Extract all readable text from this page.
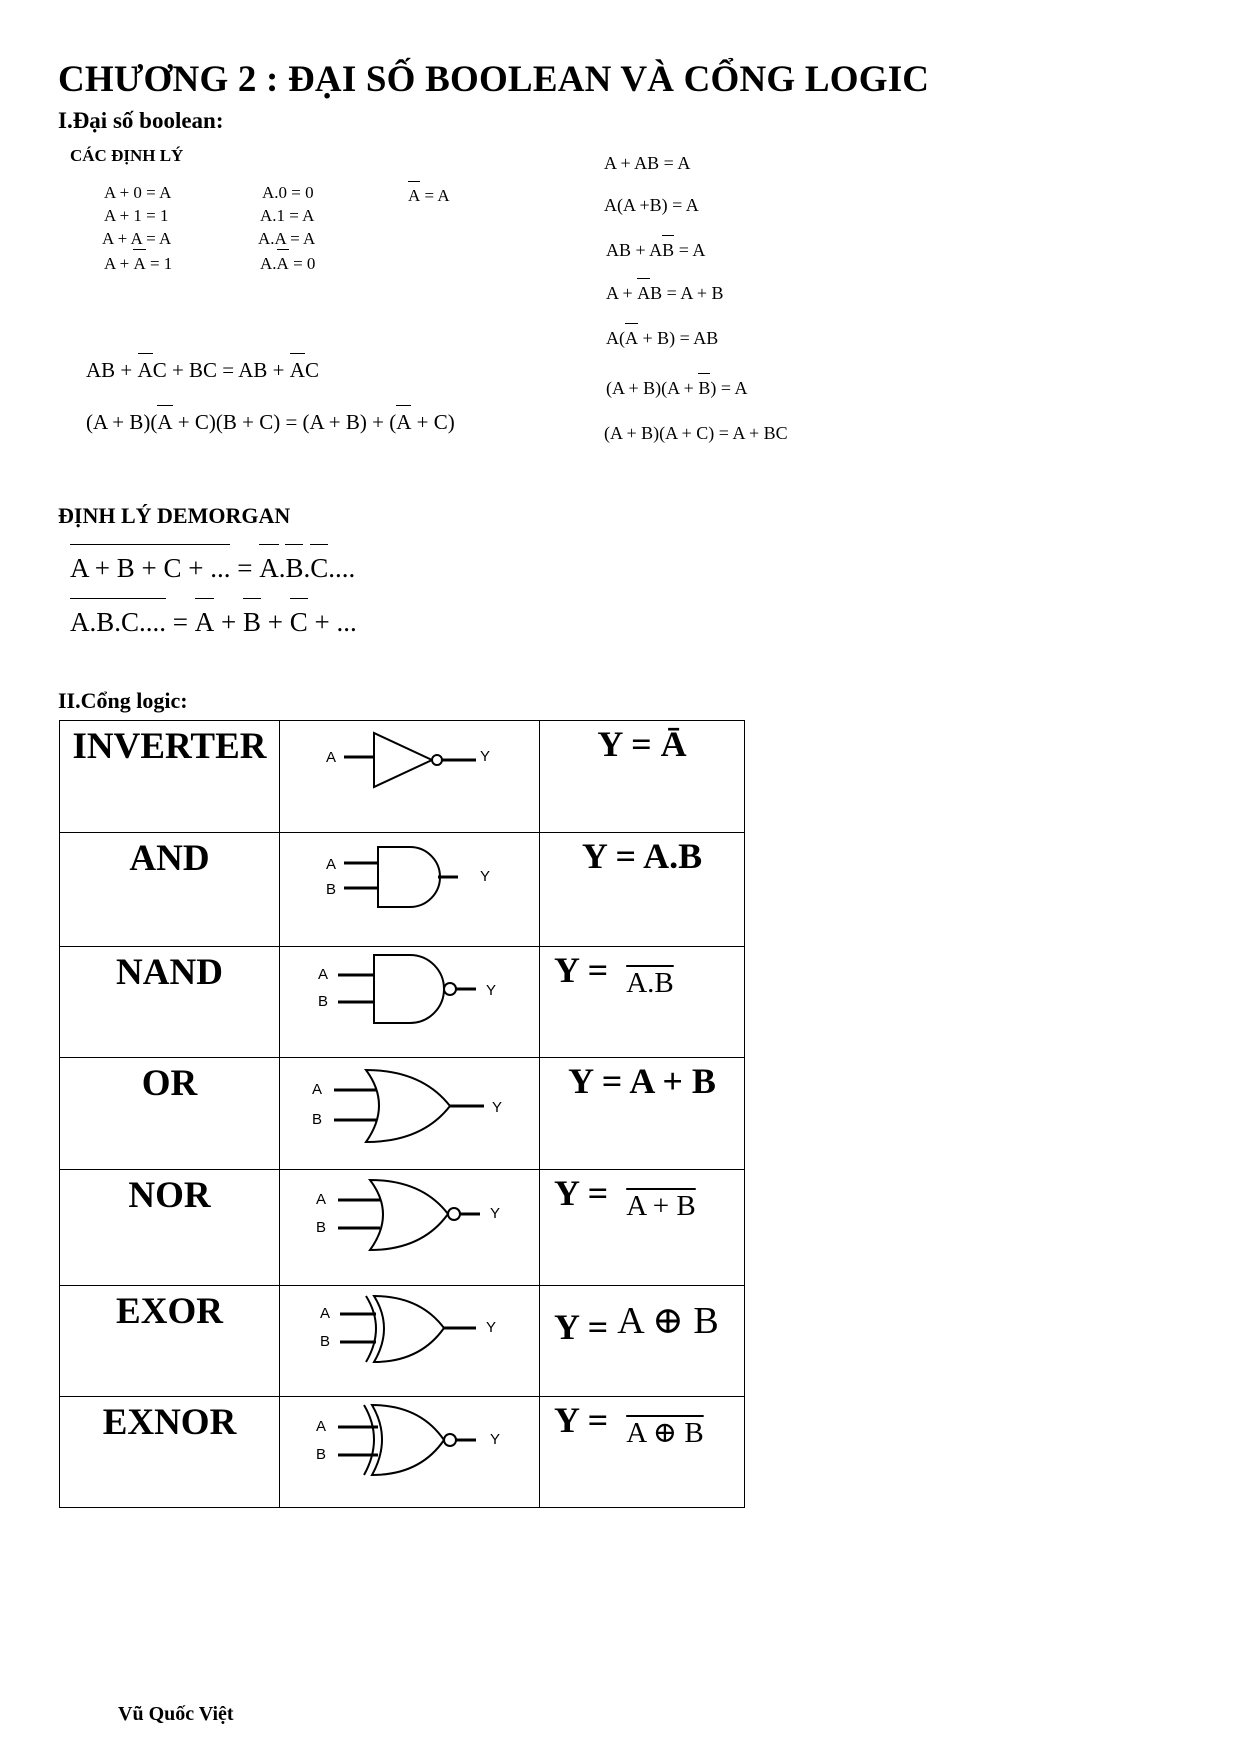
CHƯƠNG 2 : ĐẠI SỐ BOOLEAN VÀ CỔNG LOGIC
I.Đại số boolean:
CÁC ĐỊNH LÝ
A + 0 = A
A + 1 = 1
A + A = A
A + A = 1
A.0 = 0
A.1 = A
A.A = A
A.A = 0
A = A
A + AB = A
A(A +B) = A
AB + AB = A
A + AB = A + B
A(A + B) = AB
(A + B)(A + B) = A
(A + B)(A + C) = A + BC
AB + AC + BC = AB + AC
(A + B)(A + C)(B + C) = (A + B) + (A + C)
ĐỊNH LÝ DEMORGAN
A + B + C + ... = A.B.C....
A.B.C.... = A + B + C + ...
II.Cổng logic:
INVERTER	A Y	Y = Ā
AND	A
B
Y	Y = A.B
NAND	A
B
Y	Y = $_{A.B}$
OR	A
B
Y	Y = A + B
NOR	A
B
Y	Y = $_{A + B}$
EXOR	A
B
Y	Y = A ⊕ B
EXNOR	A
B
Y	Y = $_{A \oplus B}$
Vũ Quốc Việt
